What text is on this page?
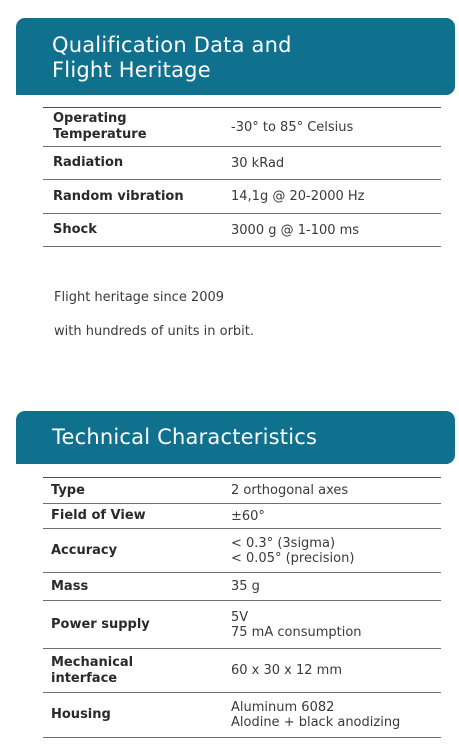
Qualification Data and
Flight Heritage
Operating Temperature	-30° to 85° Celsius
Radiation	30 kRad
Random vibration	14,1g @ 20-2000 Hz
Shock	3000 g @ 1-100 ms

Flight heritage since 2009

with hundreds of units in orbit.

Technical Characteristics
Type	2 orthogonal axes

Field of View	±60°

Accuracy	< 0.3° (3sigma)
< 0.05° (precision)

Mass	35 g

Power supply	5V
75 mA consumption

Mechanical interface	60 x 30 x 12 mm

Housing	Aluminum 6082
Alodine + black anodizing
